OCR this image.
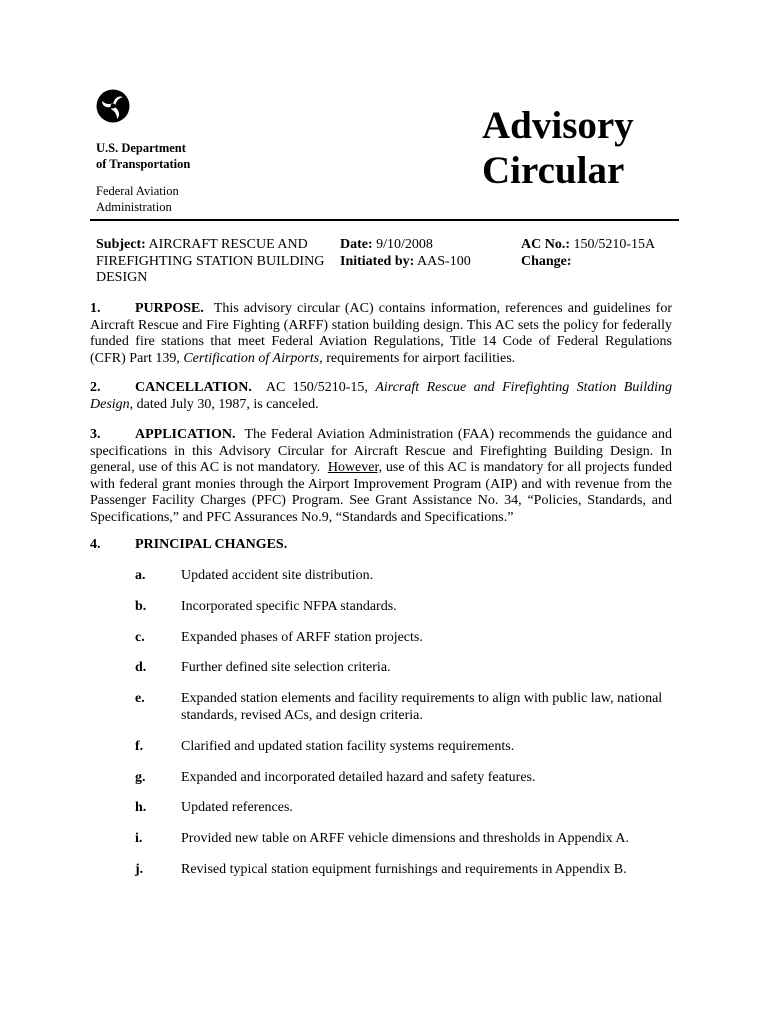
U.S. Department
of Transportation
Federal Aviation
Administration
Advisory
Circular
Subject: AIRCRAFT RESCUE AND FIREFIGHTING STATION BUILDING DESIGN
Date: 9/10/2008
Initiated by: AAS-100
AC No.: 150/5210-15A
Change:
1. PURPOSE. This advisory circular (AC) contains information, references and guidelines for Aircraft Rescue and Fire Fighting (ARFF) station building design. This AC sets the policy for federally funded fire stations that meet Federal Aviation Regulations, Title 14 Code of Federal Regulations (CFR) Part 139, Certification of Airports, requirements for airport facilities.
2. CANCELLATION. AC 150/5210-15, Aircraft Rescue and Firefighting Station Building Design, dated July 30, 1987, is canceled.
3. APPLICATION. The Federal Aviation Administration (FAA) recommends the guidance and specifications in this Advisory Circular for Aircraft Rescue and Firefighting Building Design. In general, use of this AC is not mandatory. However, use of this AC is mandatory for all projects funded with federal grant monies through the Airport Improvement Program (AIP) and with revenue from the Passenger Facility Charges (PFC) Program. See Grant Assistance No. 34, “Policies, Standards, and Specifications,” and PFC Assurances No.9, “Standards and Specifications.”
4. PRINCIPAL CHANGES.
a.	Updated accident site distribution.
b. Incorporated specific NFPA standards.
c.	Expanded phases of ARFF station projects.
d. Further defined site selection criteria.
e.	Expanded station elements and facility requirements to align with public law, national standards, revised ACs, and design criteria.
f.	Clarified and updated station facility systems requirements.
g.	Expanded and incorporated detailed hazard and safety features.
h. Updated references.
i.	Provided new table on ARFF vehicle dimensions and thresholds in Appendix A.
j.	Revised typical station equipment furnishings and requirements in Appendix B.
